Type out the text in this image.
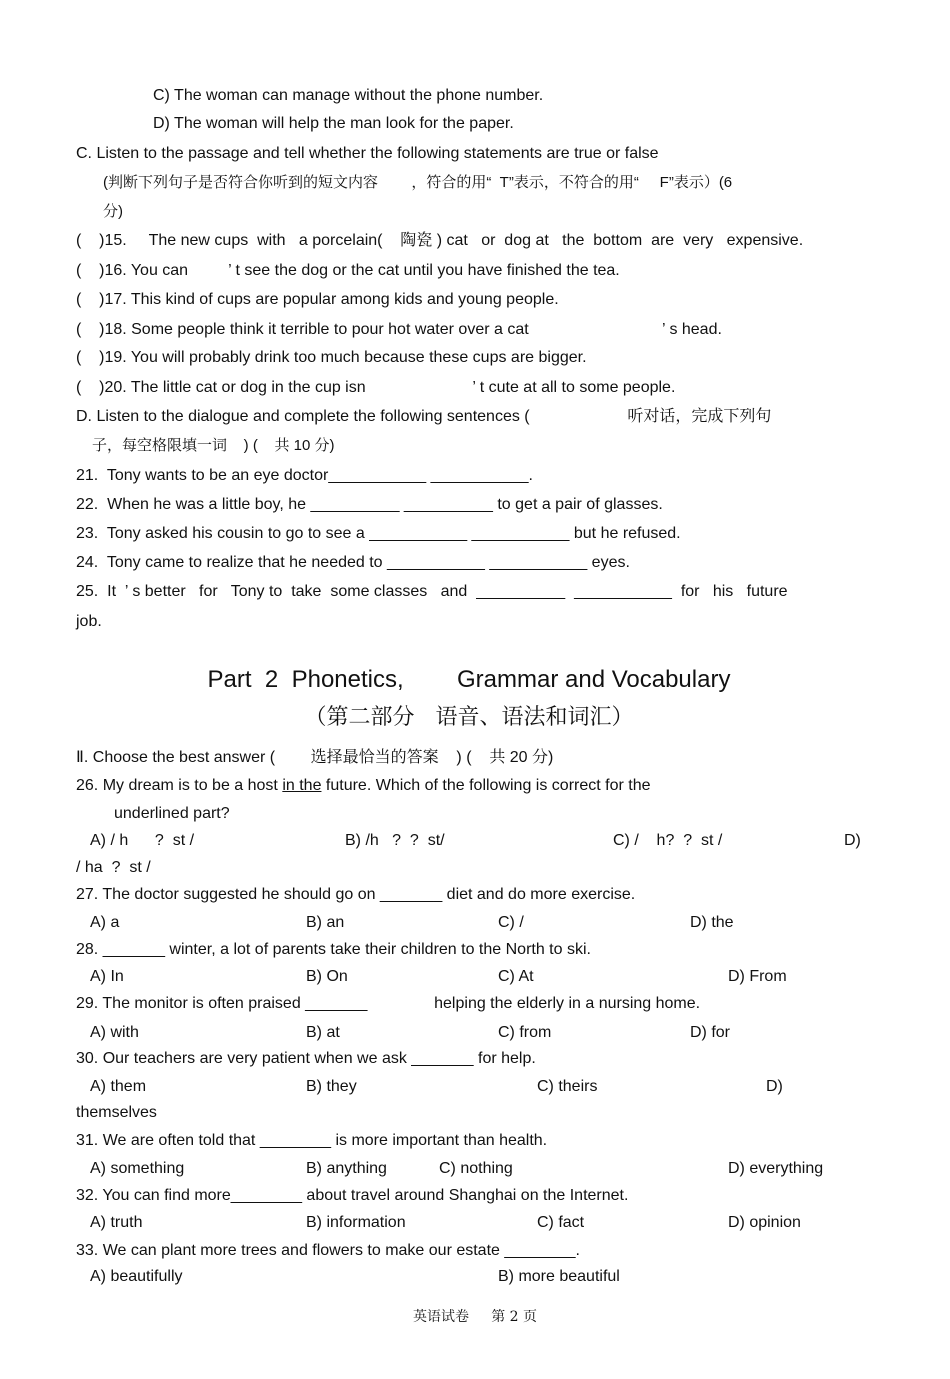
C) The woman can manage without the phone number.
D) The woman will help the man look for the paper.
C. Listen to the passage and tell whether the following statements are true or false
(判断下列句子是否符合你听到的短文内容        ，符合的用“  T”表示，不符合的用“     F”表示）(6
分)
(    )15.     The new cups  with   a porcelain(    陶瓷 ) cat   or  dog at   the  bottom  are  very   expensive.
(    )16. You can         ’ t see the dog or the cat until you have finished the tea.
(    )17. This kind of cups are popular among kids and young people.
(    )18. Some people think it terrible to pour hot water over a cat                              ’ s head.
(    )19. You will probably drink too much because these cups are bigger.
(    )20. The little cat or dog in the cup isn                        ’ t cute at all to some people.
D. Listen to the dialogue and complete the following sentences (                      听对话，完成下列句
子，每空格限填一词    ) (    共 10 分)
21.  Tony wants to be an eye doctor___________ ___________.
22.  When he was a little boy, he __________ __________ to get a pair of glasses.
23.  Tony asked his cousin to go to see a ___________ ___________ but he refused.
24.  Tony came to realize that he needed to ___________ ___________ eyes.
25.  It  ’ s better   for   Tony to  take  some classes   and  __________  ___________  for   his   future
job.
Part  2  Phonetics,        Grammar and Vocabulary
（第二部分   语音、语法和词汇）
Ⅱ. Choose the best answer (        选择最恰当的答案    ) (    共 20 分)
26. My dream is to be a host in the future. Which of the following is correct for the
underlined part?
A) / h      ?  st /	B) /h   ?  ?  st/	C) /    h?  ?  st /	D)
/ ha  ?  st /
27. The doctor suggested he should go on _______ diet and do more exercise.
A) a	B) an	C) /	D) the
28. _______ winter, a lot of parents take their children to the North to ski.
A) In	B) On	C) At	D) From
29. The monitor is often praised _______               helping the elderly in a nursing home.
A) with	B) at	C) from	D) for
30. Our teachers are very patient when we ask _______ for help.
A) them	B) they	C) theirs	D)
themselves
31. We are often told that ________ is more important than health.
A) something	B) anything	C) nothing	D) everything
32. You can find more________ about travel around Shanghai on the Internet.
A) truth	B) information	C) fact	D) opinion
33. We can plant more trees and flowers to make our estate ________.
A) beautifully	B) more beautiful
英语试卷     第 2 页
